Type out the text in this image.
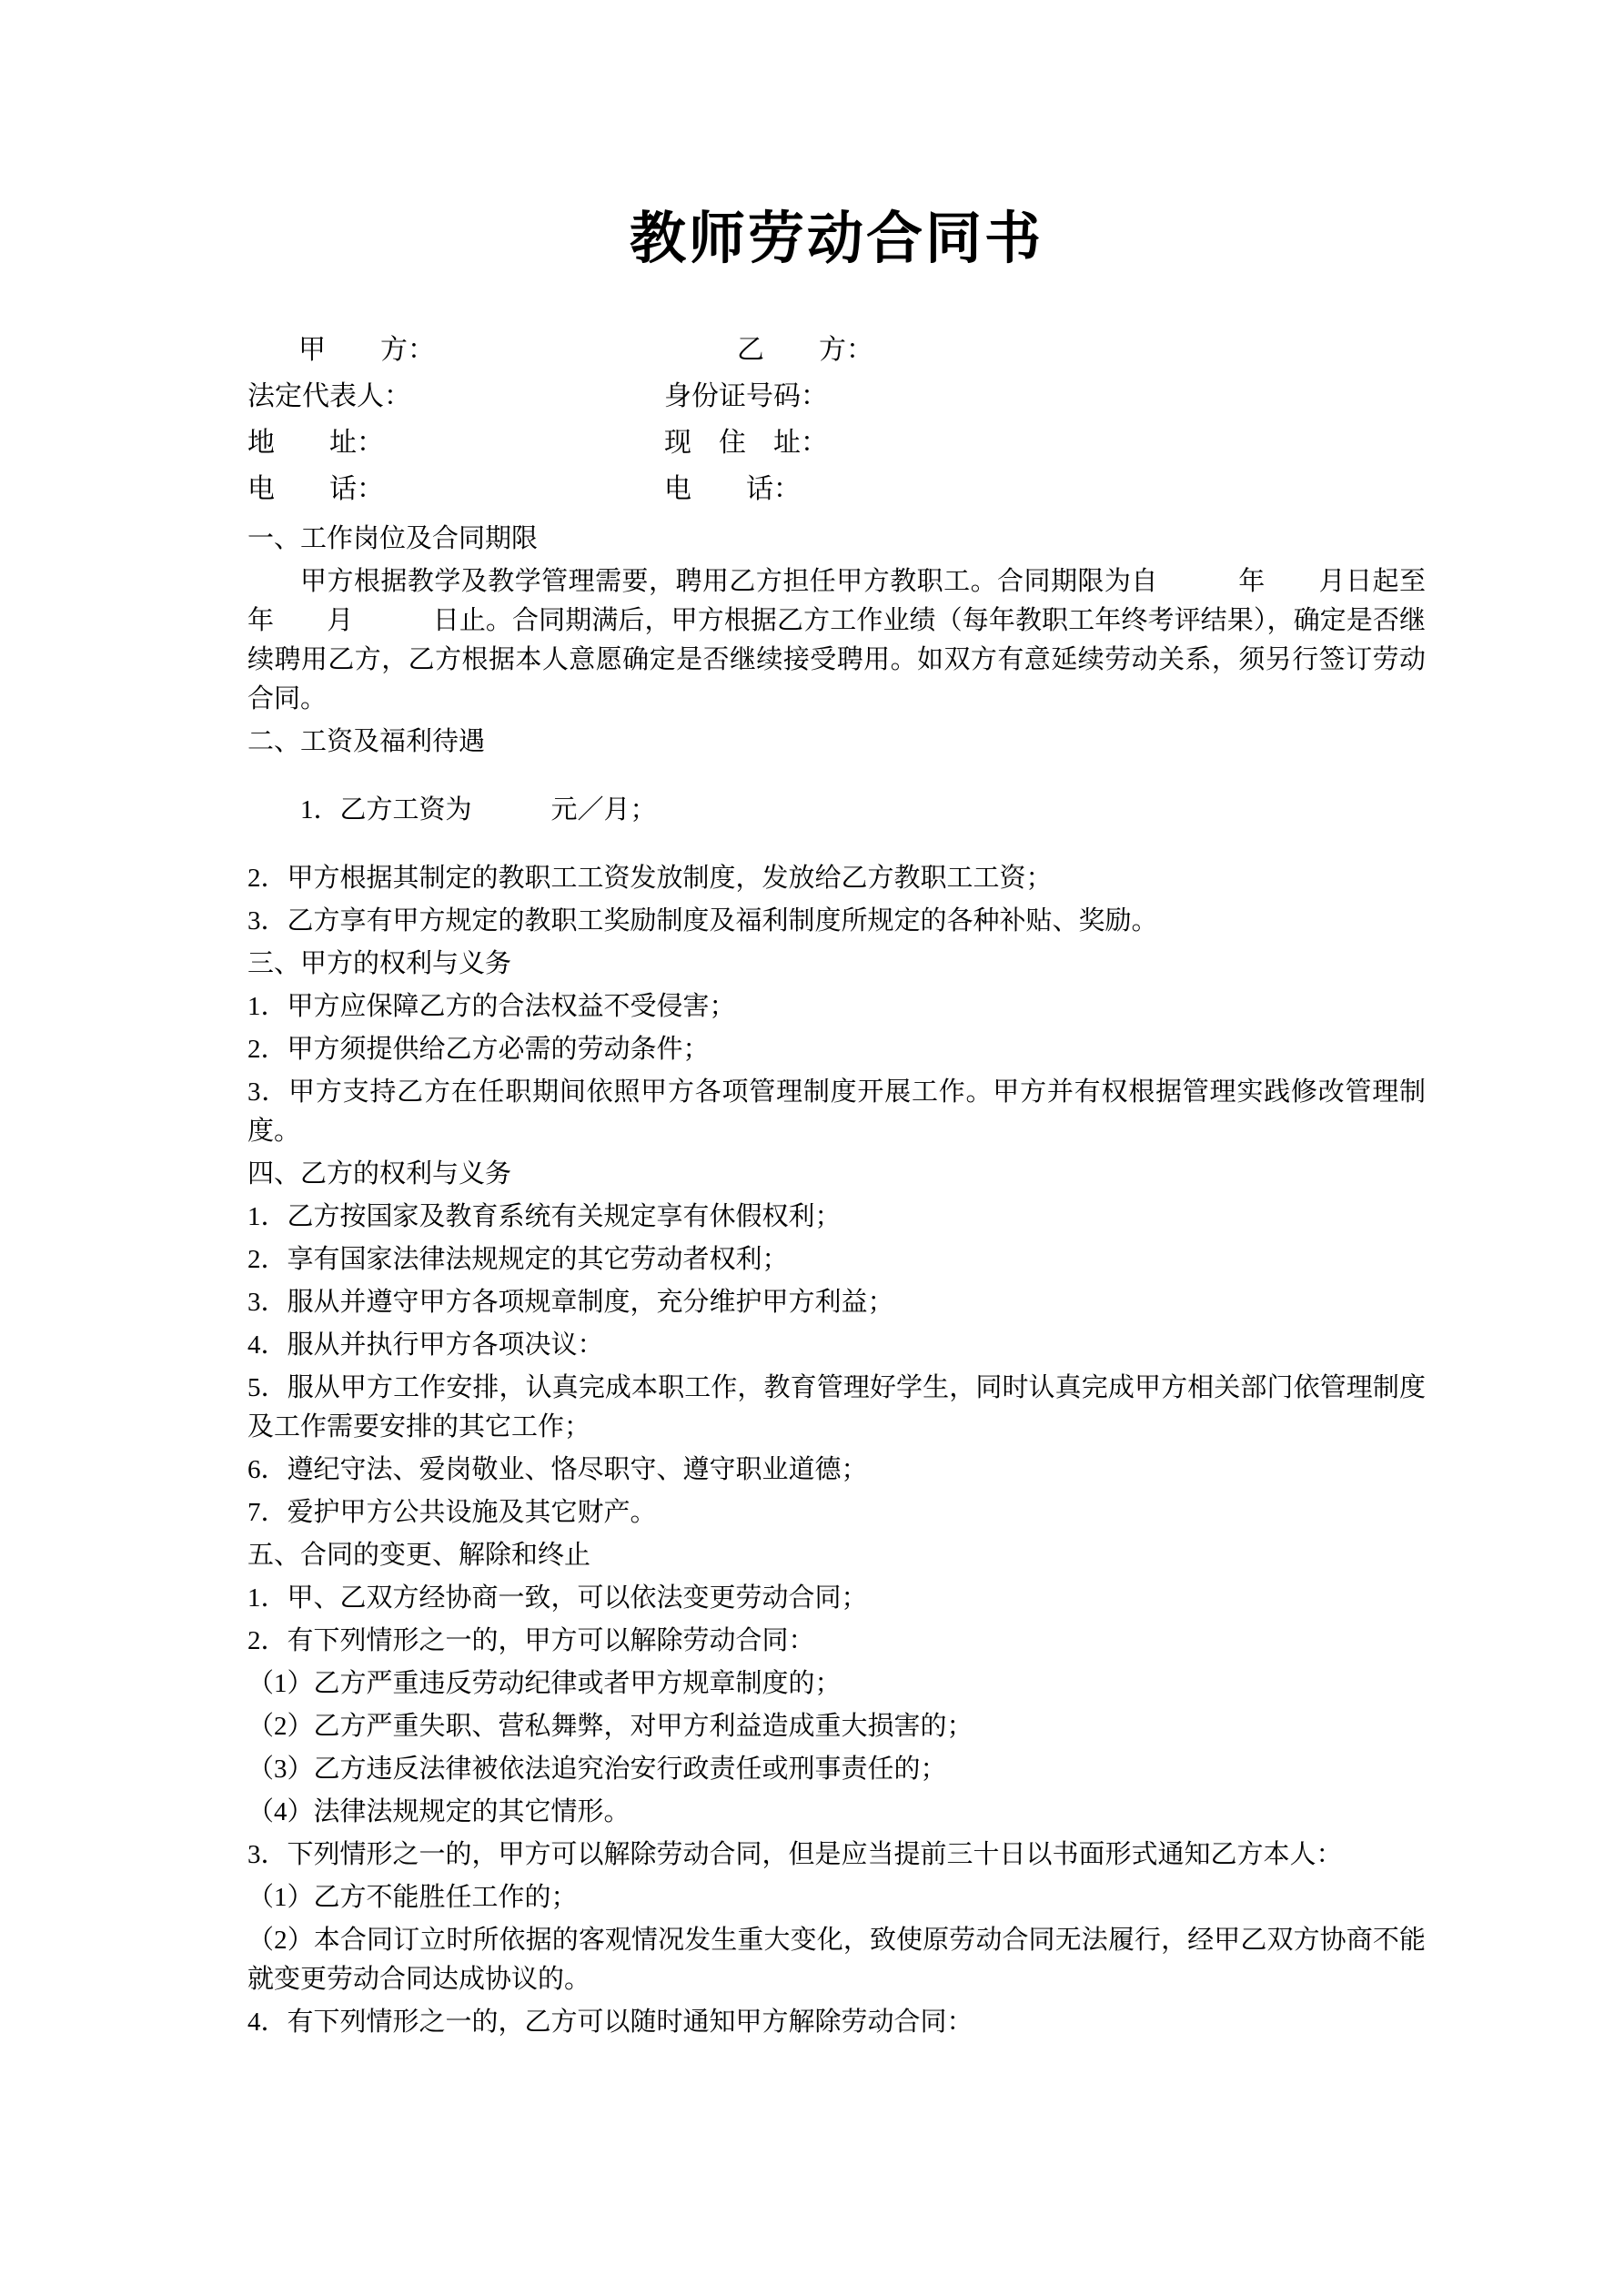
教师劳动合同书
甲　　方：	乙　　方：
法定代表人：	身份证号码：
地　　址：	现　住　址：
电　　话：	电　　话：

一、工作岗位及合同期限

甲方根据教学及教学管理需要，聘用乙方担任甲方教职工。合同期限为自　　　年　　月日起至　　　年　　月　　　日止。合同期满后，甲方根据乙方工作业绩（每年教职工年终考评结果），确定是否继续聘用乙方，乙方根据本人意愿确定是否继续接受聘用。如双方有意延续劳动关系，须另行签订劳动合同。

二、工资及福利待遇

1．乙方工资为　　　元／月；

2．甲方根据其制定的教职工工资发放制度，发放给乙方教职工工资；

3．乙方享有甲方规定的教职工奖励制度及福利制度所规定的各种补贴、奖励。

三、甲方的权利与义务

1．甲方应保障乙方的合法权益不受侵害；

2．甲方须提供给乙方必需的劳动条件；

3．甲方支持乙方在任职期间依照甲方各项管理制度开展工作。甲方并有权根据管理实践修改管理制度。

四、乙方的权利与义务

1．乙方按国家及教育系统有关规定享有休假权利；

2．享有国家法律法规规定的其它劳动者权利；

3．服从并遵守甲方各项规章制度，充分维护甲方利益；

4．服从并执行甲方各项决议：

5．服从甲方工作安排，认真完成本职工作，教育管理好学生，同时认真完成甲方相关部门依管理制度及工作需要安排的其它工作；

6．遵纪守法、爱岗敬业、恪尽职守、遵守职业道德；

7．爱护甲方公共设施及其它财产。

五、合同的变更、解除和终止

1．甲、乙双方经协商一致，可以依法变更劳动合同；

2．有下列情形之一的，甲方可以解除劳动合同：

（1）乙方严重违反劳动纪律或者甲方规章制度的；

（2）乙方严重失职、营私舞弊，对甲方利益造成重大损害的；

（3）乙方违反法律被依法追究治安行政责任或刑事责任的；

（4）法律法规规定的其它情形。

3．下列情形之一的，甲方可以解除劳动合同，但是应当提前三十日以书面形式通知乙方本人：

（1）乙方不能胜任工作的；

（2）本合同订立时所依据的客观情况发生重大变化，致使原劳动合同无法履行，经甲乙双方协商不能就变更劳动合同达成协议的。

4．有下列情形之一的，乙方可以随时通知甲方解除劳动合同：
